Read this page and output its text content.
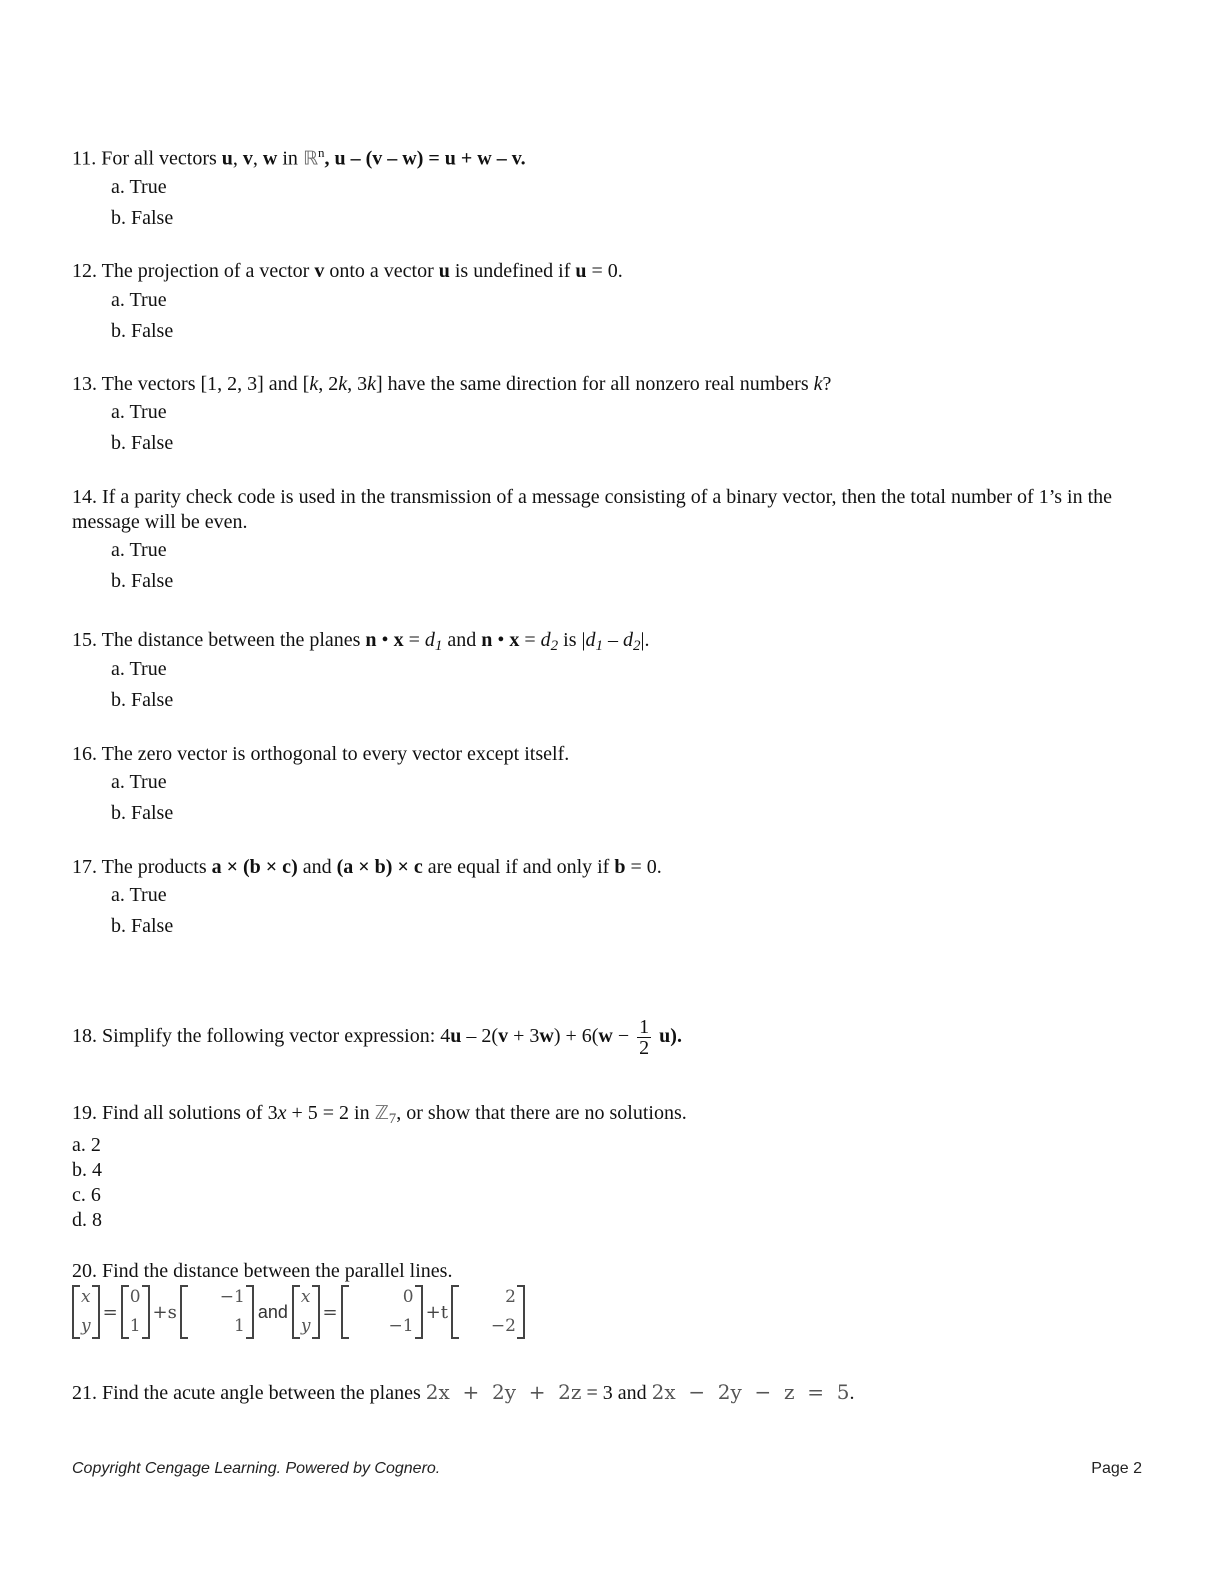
11. For all vectors u, v, w in ℝ$^n$, u – (v – w) = u + w – v.
a. True
b. False
12. The projection of a vector v onto a vector u is undefined if u = 0.
a. True
b. False
13. The vectors [1, 2, 3] and [k, 2k, 3k] have the same direction for all nonzero real numbers k?
a. True
b. False
14. If a parity check code is used in the transmission of a message consisting of a binary vector, then the total number of 1’s in the message will be even.
a. True
b. False
15. The distance between the planes n • $x = d_1$ and n • $x = d_2$ is $|d_1 - d_2|$.
a. True
b. False
16. The zero vector is orthogonal to every vector except itself.
a. True
b. False
17. The products a × (b × c) and (a × b) × c are equal if and only if b = 0.
a. True
b. False
18. Simplify the following vector expression: $4u - 2(v + 3w) + 6(w - \frac{1}{2} u)$.
19. Find all solutions of 3x + 5 = 2 in ℤ$_7$, or show that there are no solutions.
a. 2
b. 4
c. 6
d. 8
20. Find the distance between the parallel lines.
x
y
=
0
1
+s
−1
1
and
x
y
=
0
−1
+t
2
−2
21. Find the acute angle between the planes 2x  +  2y  +  2z = 3 and 2x  −  2y  −  z  =  5.
Copyright Cengage Learning. Powered by Cognero.	Page 2
